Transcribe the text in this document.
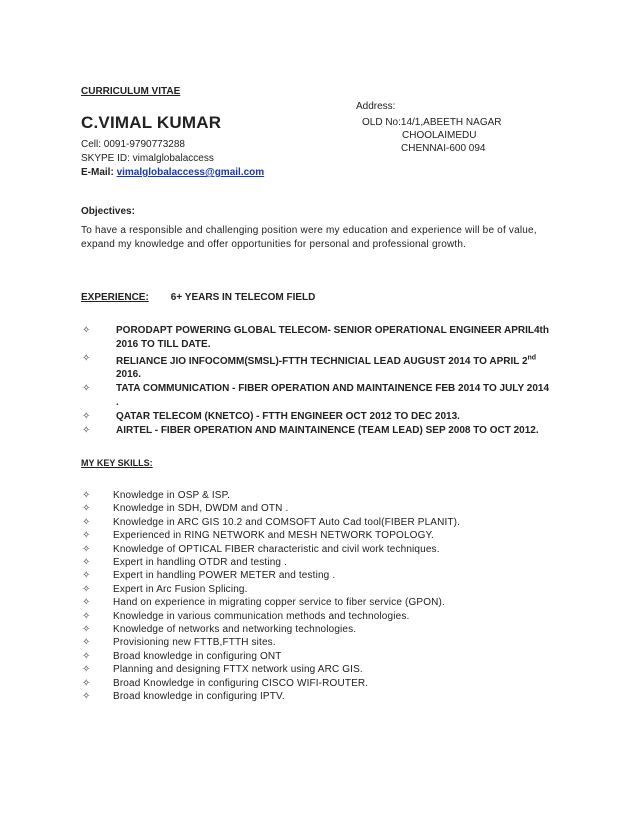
CURRICULUM VITAE
Address:
C.VIMAL KUMAR	OLD No:14/1,ABEETH NAGAR
CHOOLAIMEDU
CHENNAI-600 094
Cell: 0091-9790773288
SKYPE ID: vimalglobalaccess
E-Mail: vimalglobalaccess@gmail.com
Objectives:
To have a responsible and challenging position were my education and experience will be of value, expand my knowledge and offer opportunities for personal and professional growth.
EXPERIENCE: 6+ YEARS IN TELECOM FIELD
✧	PORODAPT POWERING GLOBAL TELECOM- SENIOR OPERATIONAL ENGINEER APRIL4th 2016 TO TILL DATE.
✧	RELIANCE JIO INFOCOMM(SMSL)-FTTH TECHNICIAL LEAD AUGUST 2014 TO APRIL 2nd 2016.
✧	TATA COMMUNICATION - FIBER OPERATION AND MAINTAINENCE FEB 2014 TO JULY 2014 .
✧	QATAR TELECOM (KNETCO) - FTTH ENGINEER OCT 2012 TO DEC 2013.
✧	AIRTEL - FIBER OPERATION AND MAINTAINENCE (TEAM LEAD) SEP 2008 TO OCT 2012.
MY KEY SKILLS:
✧ Knowledge in OSP & ISP.
✧ Knowledge in SDH, DWDM and OTN .
✧ Knowledge in ARC GIS 10.2 and COMSOFT Auto Cad tool(FIBER PLANIT).
✧ Experienced in RING NETWORK and MESH NETWORK TOPOLOGY.
✧ Knowledge of OPTICAL FIBER characteristic and civil work techniques.
✧ Expert in handling OTDR and testing .
✧ Expert in handling POWER METER and testing .
✧ Expert in Arc Fusion Splicing.
✧ Hand on experience in migrating copper service to fiber service (GPON).
✧ Knowledge in various communication methods and technologies.
✧ Knowledge of networks and networking technologies.
✧ Provisioning new FTTB,FTTH sites.
✧ Broad knowledge in configuring ONT
✧ Planning and designing FTTX network using ARC GIS.
✧ Broad Knowledge in configuring CISCO WIFI-ROUTER.
✧ Broad knowledge in configuring IPTV.
